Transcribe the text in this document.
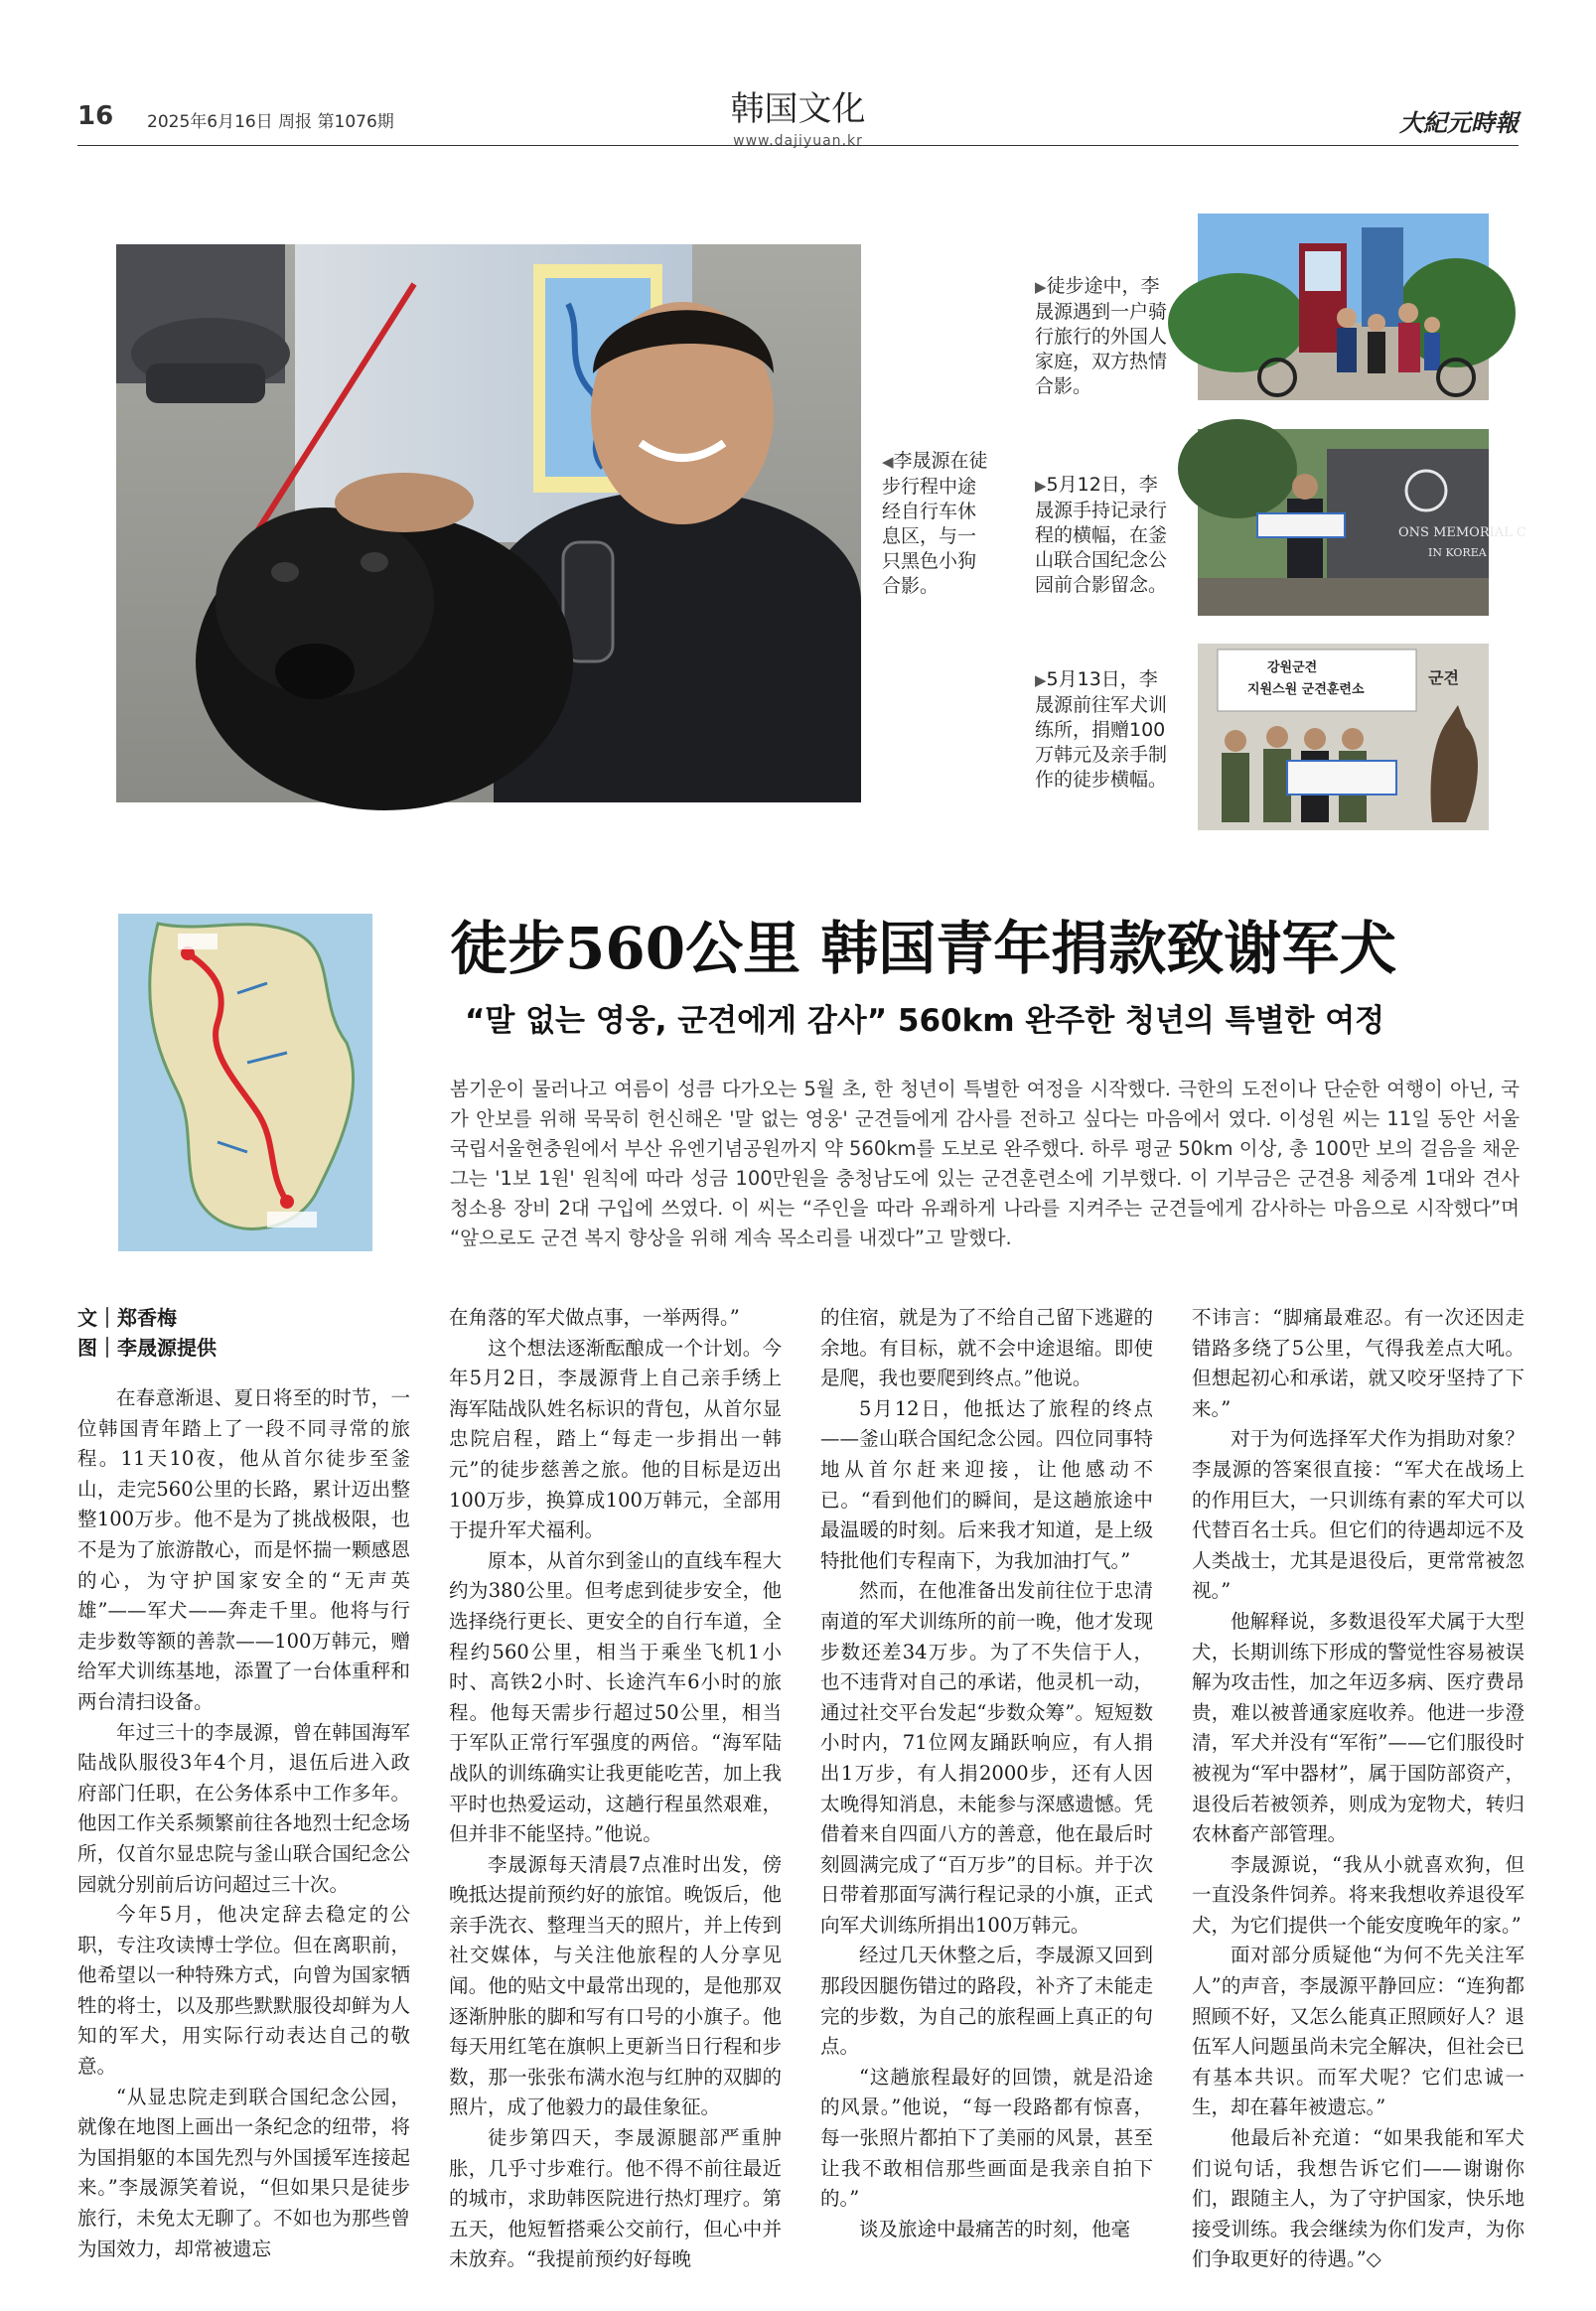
16 2025年6月16日 周报 第1076期	韩国文化
www.dajiyuan.kr
大紀元時報
◀李晟源在徒步行程中途经自行车休息区，与一只黑色小狗合影。
▶徒步途中，李晟源遇到一户骑行旅行的外国人家庭，双方热情合影。
▶5月12日，李晟源手持记录行程的横幅，在釜山联合国纪念公园前合影留念。
ONS MEMORIAL C
IN KOREA
▶5月13日，李晟源前往军犬训练所，捐赠100万韩元及亲手制作的徒步横幅。
강원군견
지원스원 군견훈련소
군견
徒步560公里 韩国青年捐款致谢军犬
“말 없는 영웅, 군견에게 감사” 560km 완주한 청년의 특별한 여정
봄기운이 물러나고 여름이 성큼 다가오는 5월 초, 한 청년이 특별한 여정을 시작했다. 극한의 도전이나 단순한 여행이 아닌, 국가 안보를 위해 묵묵히 헌신해온 '말 없는 영웅' 군견들에게 감사를 전하고 싶다는 마음에서 였다. 이성원 씨는 11일 동안 서울 국립서울현충원에서 부산 유엔기념공원까지 약 560km를 도보로 완주했다. 하루 평균 50km 이상, 총 100만 보의 걸음을 채운 그는 '1보 1원' 원칙에 따라 성금 100만원을 충청남도에 있는 군견훈련소에 기부했다. 이 기부금은 군견용 체중계 1대와 견사 청소용 장비 2대 구입에 쓰였다. 이 씨는 “주인을 따라 유쾌하게 나라를 지켜주는 군견들에게 감사하는 마음으로 시작했다”며 “앞으로도 군견 복지 향상을 위해 계속 목소리를 내겠다”고 말했다.
文｜郑香梅
图｜李晟源提供

在春意渐退、夏日将至的时节，一位韩国青年踏上了一段不同寻常的旅程。11天10夜，他从首尔徒步至釜山，走完560公里的长路，累计迈出整整100万步。他不是为了挑战极限，也不是为了旅游散心，而是怀揣一颗感恩的心，为守护国家安全的“无声英雄”——军犬——奔走千里。他将与行走步数等额的善款——100万韩元，赠给军犬训练基地，添置了一台体重秤和两台清扫设备。

年过三十的李晟源，曾在韩国海军陆战队服役3年4个月，退伍后进入政府部门任职，在公务体系中工作多年。他因工作关系频繁前往各地烈士纪念场所，仅首尔显忠院与釜山联合国纪念公园就分别前后访问超过三十次。

今年5月，他决定辞去稳定的公职，专注攻读博士学位。但在离职前，他希望以一种特殊方式，向曾为国家牺牲的将士，以及那些默默服役却鲜为人知的军犬，用实际行动表达自己的敬意。

“从显忠院走到联合国纪念公园，就像在地图上画出一条纪念的纽带，将为国捐躯的本国先烈与外国援军连接起来。”李晟源笑着说，“但如果只是徒步旅行，未免太无聊了。不如也为那些曾为国效力，却常被遗忘

在角落的军犬做点事，一举两得。”

这个想法逐渐酝酿成一个计划。今年5月2日，李晟源背上自己亲手绣上海军陆战队姓名标识的背包，从首尔显忠院启程，踏上“每走一步捐出一韩元”的徒步慈善之旅。他的目标是迈出100万步，换算成100万韩元，全部用于提升军犬福利。

原本，从首尔到釜山的直线车程大约为380公里。但考虑到徒步安全，他选择绕行更长、更安全的自行车道，全程约560公里，相当于乘坐飞机1小时、高铁2小时、长途汽车6小时的旅程。他每天需步行超过50公里，相当于军队正常行军强度的两倍。“海军陆战队的训练确实让我更能吃苦，加上我平时也热爱运动，这趟行程虽然艰难，但并非不能坚持。”他说。

李晟源每天清晨7点准时出发，傍晚抵达提前预约好的旅馆。晚饭后，他亲手洗衣、整理当天的照片，并上传到社交媒体，与关注他旅程的人分享见闻。他的贴文中最常出现的，是他那双逐渐肿胀的脚和写有口号的小旗子。他每天用红笔在旗帜上更新当日行程和步数，那一张张布满水泡与红肿的双脚的照片，成了他毅力的最佳象征。

徒步第四天，李晟源腿部严重肿胀，几乎寸步难行。他不得不前往最近的城市，求助韩医院进行热灯理疗。第五天，他短暂搭乘公交前行，但心中并未放弃。“我提前预约好每晚

的住宿，就是为了不给自己留下逃避的余地。有目标，就不会中途退缩。即使是爬，我也要爬到终点。”他说。

5月12日，他抵达了旅程的终点——釜山联合国纪念公园。四位同事特地从首尔赶来迎接，让他感动不已。“看到他们的瞬间，是这趟旅途中最温暖的时刻。后来我才知道，是上级特批他们专程南下，为我加油打气。”

然而，在他准备出发前往位于忠清南道的军犬训练所的前一晚，他才发现步数还差34万步。为了不失信于人，也不违背对自己的承诺，他灵机一动，通过社交平台发起“步数众筹”。短短数小时内，71位网友踊跃响应，有人捐出1万步，有人捐2000步，还有人因太晚得知消息，未能参与深感遗憾。凭借着来自四面八方的善意，他在最后时刻圆满完成了“百万步”的目标。并于次日带着那面写满行程记录的小旗，正式向军犬训练所捐出100万韩元。

经过几天休整之后，李晟源又回到那段因腿伤错过的路段，补齐了未能走完的步数，为自己的旅程画上真正的句点。

“这趟旅程最好的回馈，就是沿途的风景。”他说，“每一段路都有惊喜，每一张照片都拍下了美丽的风景，甚至让我不敢相信那些画面是我亲自拍下的。”

谈及旅途中最痛苦的时刻，他毫

不讳言：“脚痛最难忍。有一次还因走错路多绕了5公里，气得我差点大吼。但想起初心和承诺，就又咬牙坚持了下来。”

对于为何选择军犬作为捐助对象？李晟源的答案很直接：“军犬在战场上的作用巨大，一只训练有素的军犬可以代替百名士兵。但它们的待遇却远不及人类战士，尤其是退役后，更常常被忽视。”

他解释说，多数退役军犬属于大型犬，长期训练下形成的警觉性容易被误解为攻击性，加之年迈多病、医疗费昂贵，难以被普通家庭收养。他进一步澄清，军犬并没有“军衔”——它们服役时被视为“军中器材”，属于国防部资产，退役后若被领养，则成为宠物犬，转归农林畜产部管理。

李晟源说，“我从小就喜欢狗，但一直没条件饲养。将来我想收养退役军犬，为它们提供一个能安度晚年的家。”

面对部分质疑他“为何不先关注军人”的声音，李晟源平静回应：“连狗都照顾不好，又怎么能真正照顾好人？退伍军人问题虽尚未完全解决，但社会已有基本共识。而军犬呢？它们忠诚一生，却在暮年被遗忘。”

他最后补充道：“如果我能和军犬们说句话，我想告诉它们——谢谢你们，跟随主人，为了守护国家，快乐地接受训练。我会继续为你们发声，为你们争取更好的待遇。”◇
